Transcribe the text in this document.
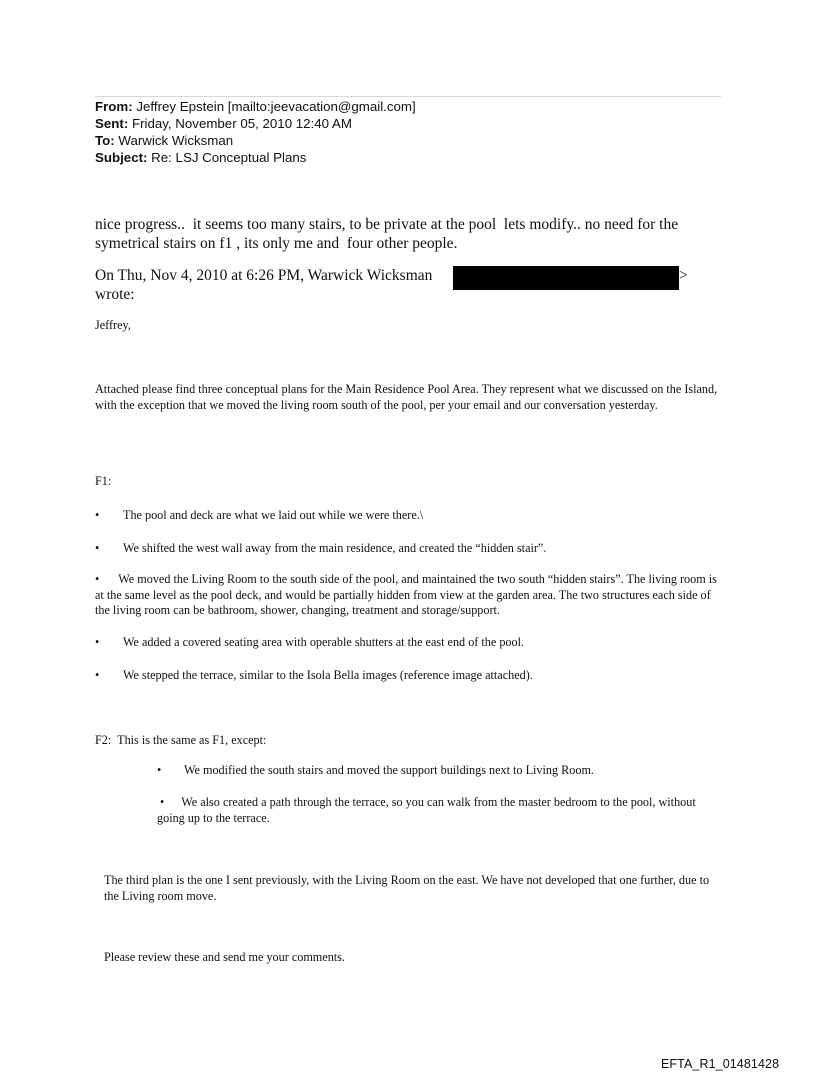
From: Jeffrey Epstein [mailto:jeevacation@gmail.com]
Sent: Friday, November 05, 2010 12:40 AM
To: Warwick Wicksman
Subject: Re: LSJ Conceptual Plans
nice progress..  it seems too many stairs, to be private at the pool  lets modify.. no need for the
symetrical stairs on f1 , its only me and  four other people.
On Thu, Nov 4, 2010 at 6:26 PM, Warwick Wicksman	>
wrote:
Jeffrey,
Attached please find three conceptual plans for the Main Residence Pool Area. They represent what we discussed on the Island, with the exception that we moved the living room south of the pool, per your email and our conversation yesterday.
F1:
• The pool and deck are what we laid out while we were there.\
• We shifted the west wall away from the main residence, and created the “hidden stair”.
• We moved the Living Room to the south side of the pool, and maintained the two south “hidden stairs”. The living room is at the same level as the pool deck, and would be partially hidden from view at the garden area. The two structures each side of the living room can be bathroom, shower, changing, treatment and storage/support.
• We added a covered seating area with operable shutters at the east end of the pool.
• We stepped the terrace, similar to the Isola Bella images (reference image attached).
F2:  This is the same as F1, except:
• We modified the south stairs and moved the support buildings next to Living Room.
• We also created a path through the terrace, so you can walk from the master bedroom to the pool, without going up to the terrace.
The third plan is the one I sent previously, with the Living Room on the east. We have not developed that one further, due to the Living room move.
Please review these and send me your comments.
EFTA_R1_01481428
